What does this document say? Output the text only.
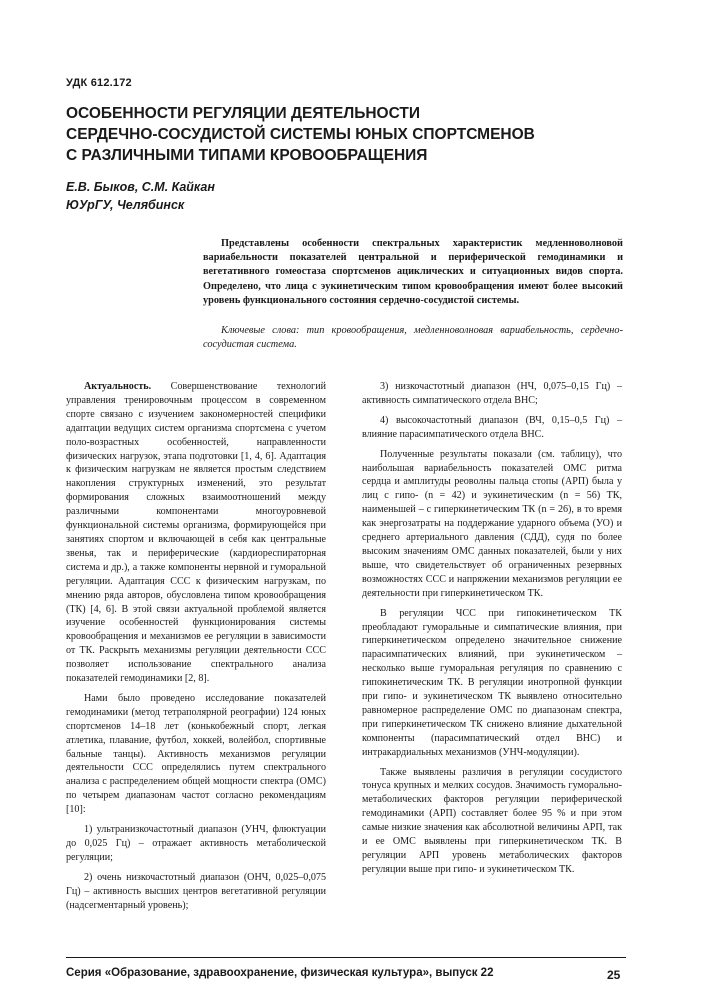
УДК 612.172
ОСОБЕННОСТИ РЕГУЛЯЦИИ ДЕЯТЕЛЬНОСТИ
СЕРДЕЧНО-СОСУДИСТОЙ СИСТЕМЫ ЮНЫХ СПОРТСМЕНОВ
С РАЗЛИЧНЫМИ ТИПАМИ КРОВООБРАЩЕНИЯ
Е.В. Быков, С.М. Кайкан
ЮУрГУ, Челябинск

Представлены особенности спектральных характеристик медленноволновой вариабельности показателей центральной и периферической гемодинамики и вегетативного гомеостаза спортсменов ациклических и ситуационных видов спорта. Определено, что лица с эукинетическим типом кровообращения имеют более высокий уровень функционального состояния сердечно-сосудистой системы.

Ключевые слова: тип кровообращения, медленноволновая вариабельность, сердечно-сосудистая система.

Актуальность. Совершенствование технологий управления тренировочным процессом в современном спорте связано с изучением закономерностей специфики адаптации ведущих систем организма спортсмена с учетом поло-возрастных особенностей, направленности физических нагрузок, этапа подготовки [1, 4, 6]. Адаптация к физическим нагрузкам не является простым следствием накопления структурных изменений, это результат формирования сложных взаимоотношений между различными компонентами многоуровневой функциональной системы организма, формирующейся при занятиях спортом и включающей в себя как центральные звенья, так и периферические (кардиореспираторная система и др.), а также компоненты нервной и гуморальной регуляции. Адаптация ССС к физическим нагрузкам, по мнению ряда авторов, обусловлена типом кровообращения (ТК) [4, 6]. В этой связи актуальной проблемой является изучение особенностей функционирования системы кровообращения и механизмов ее регуляции в зависимости от ТК. Раскрыть механизмы регуляции деятельности ССС позволяет использование спектрального анализа показателей гемодинамики [2, 8].

Нами было проведено исследование показателей гемодинамики (метод тетраполярной реографии) 124 юных спортсменов 14–18 лет (конькобежный спорт, легкая атлетика, плавание, футбол, хоккей, волейбол, спортивные бальные танцы). Активность механизмов регуляции деятельности ССС определялись путем спектрального анализа с распределением общей мощности спектра (ОМС) по четырем диапазонам частот согласно рекомендациям [10]:

1) ультранизкочастотный диапазон (УНЧ, флюктуации до 0,025 Гц) – отражает активность метаболической регуляции;

2) очень низкочастотный диапазон (ОНЧ, 0,025–0,075 Гц) – активность высших центров вегетативной регуляции (надсегментарный уровень);

3) низкочастотный диапазон (НЧ, 0,075–0,15 Гц) – активность симпатического отдела ВНС;

4) высокочастотный диапазон (ВЧ, 0,15–0,5 Гц) – влияние парасимпатического отдела ВНС.

Полученные результаты показали (см. таблицу), что наибольшая вариабельность показателей ОМС ритма сердца и амплитуды реоволны пальца стопы (АРП) была у лиц с гипо- (n = 42) и эукинетическим (n = 56) ТК, наименьшей – с гиперкинетическим ТК (n = 26), в то время как энергозатраты на поддержание ударного объема (УО) и среднего артериального давления (СДД), судя по более высоким значениям ОМС данных показателей, были у них выше, что свидетельствует об ограниченных резервных возможностях ССС и напряжении механизмов регуляции ее деятельности при гиперкинетическом ТК.

В регуляции ЧСС при гипокинетическом ТК преобладают гуморальные и симпатические влияния, при гиперкинетическом определено значительное снижение парасимпатических влияний, при эукинетическом – несколько выше гуморальная регуляция по сравнению с гипокинетическим ТК. В регуляции инотропной функции при гипо- и эукинетическом ТК выявлено относительно равномерное распределение ОМС по диапазонам спектра, при гиперкинетическом ТК снижено влияние дыхательной компоненты (парасимпатический отдел ВНС) и интракардиальных механизмов (УНЧ-модуляции).

Также выявлены различия в регуляции сосудистого тонуса крупных и мелких сосудов. Значимость гуморально-метаболических факторов регуляции периферической гемодинамики (АРП) составляет более 95 % и при этом самые низкие значения как абсолютной величины АРП, так и ее ОМС выявлены при гиперкинетическом ТК. В регуляции АРП уровень метаболических факторов регуляции выше при гипо- и эукинетическом ТК.

Серия «Образование, здравоохранение, физическая культура», выпуск 22	25
